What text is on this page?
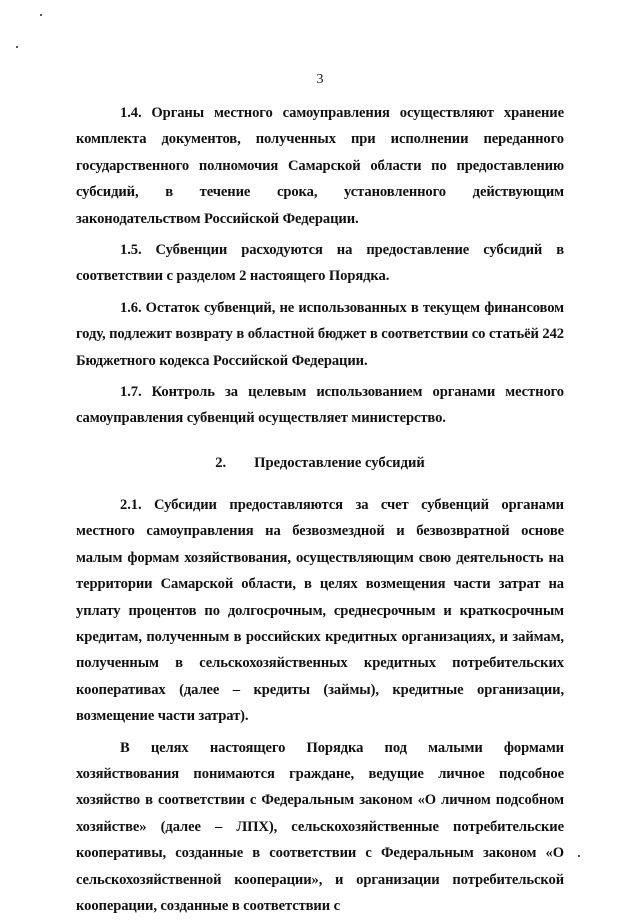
3

1.4. Органы местного самоуправления осуществляют хранение комплекта документов, полученных при исполнении переданного государственного полномочия Самарской области по предоставлению субсидий, в течение срока, установленного действующим законодательством Российской Федерации.

1.5. Субвенции расходуются на предоставление субсидий в соответствии с разделом 2 настоящего Порядка.

1.6. Остаток субвенций, не использованных в текущем финансовом году, подлежит возврату в областной бюджет в соответствии со статьёй 242 Бюджетного кодекса Российской Федерации.

1.7. Контроль за целевым использованием органами местного самоуправления субвенций осуществляет министерство.

2. Предоставление субсидий

2.1. Субсидии предоставляются за счет субвенций органами местного самоуправления на безвозмездной и безвозвратной основе малым формам хозяйствования, осуществляющим свою деятельность на территории Самарской области, в целях возмещения части затрат на уплату процентов по долгосрочным, среднесрочным и краткосрочным кредитам, полученным в российских кредитных организациях, и займам, полученным в сельскохозяйственных кредитных потребительских кооперативах (далее – кредиты (займы), кредитные организации, возмещение части затрат).

В целях настоящего Порядка под малыми формами хозяйствования понимаются граждане, ведущие личное подсобное хозяйство в соответствии с Федеральным законом «О личном подсобном хозяйстве» (далее – ЛПХ), сельскохозяйственные потребительские кооперативы, созданные в соответствии с Федеральным законом «О сельскохозяйственной кооперации», и организации потребительской кооперации, созданные в соответствии с
